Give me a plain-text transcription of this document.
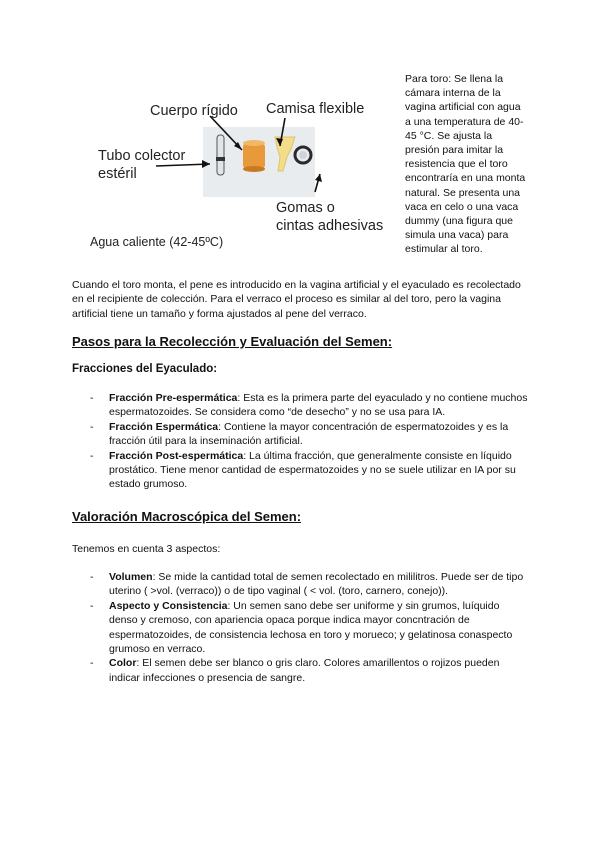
Cuerpo rígido Camisa flexible
Tubo colector
estéril
Gomas o
cintas adhesivas
Agua caliente (42-45ºC)
Para toro: Se llena la cámara interna de la vagina artificial con agua a una temperatura de 40-45 °C. Se ajusta la presión para imitar la resistencia que el toro encontraría en una monta natural. Se presenta una vaca en celo o una vaca dummy (una figura que simula una vaca) para estimular al toro.
Cuando el toro monta, el pene es introducido en la vagina artificial y el eyaculado es recolectado en el recipiente de colección. Para el verraco el proceso es similar al del toro, pero la vagina artificial tiene un tamaño y forma ajustados al pene del verraco.
Pasos para la Recolección y Evaluación del Semen:
Fracciones del Eyaculado:
- Fracción Pre-espermática: Esta es la primera parte del eyaculado y no contiene muchos espermatozoides. Se considera como “de desecho” y no se usa para IA.
- Fracción Espermática: Contiene la mayor concentración de espermatozoides y es la fracción útil para la inseminación artificial.
- Fracción Post-espermática: La última fracción, que generalmente consiste en líquido prostático. Tiene menor cantidad de espermatozoides y no se suele utilizar en IA por su estado grumoso.
Valoración Macroscópica del Semen:
Tenemos en cuenta 3 aspectos:
- Volumen: Se mide la cantidad total de semen recolectado en mililitros. Puede ser de tipo uterino ( >vol. (verraco)) o de tipo vaginal ( < vol. (toro, carnero, conejo)).
- Aspecto y Consistencia: Un semen sano debe ser uniforme y sin grumos, luíquido denso y cremoso, con apariencia opaca porque indica mayor concntración de espermatozoides, de consistencia lechosa en toro y morueco; y gelatinosa conaspecto grumoso en verraco.
- Color: El semen debe ser blanco o gris claro. Colores amarillentos o rojizos pueden indicar infecciones o presencia de sangre.
